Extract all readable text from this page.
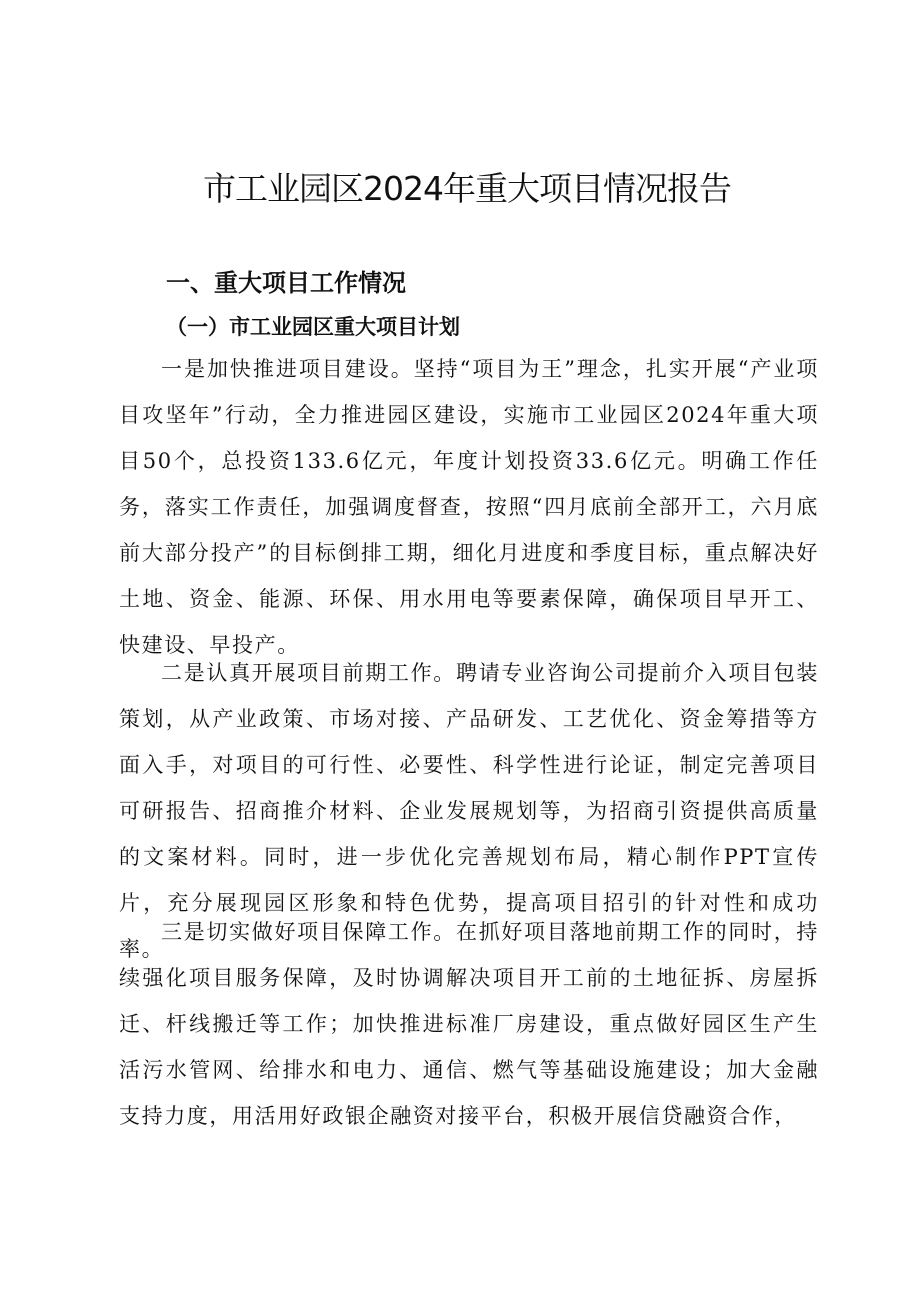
市工业园区2024年重大项目情况报告
一、重大项目工作情况
（一）市工业园区重大项目计划

一是加快推进项目建设。坚持“项目为王”理念，扎实开展“产业项目攻坚年”行动，全力推进园区建设，实施市工业园区2024年重大项目50个，总投资133.6亿元，年度计划投资33.6亿元。明确工作任务，落实工作责任，加强调度督查，按照“四月底前全部开工，六月底前大部分投产”的目标倒排工期，细化月进度和季度目标，重点解决好土地、资金、能源、环保、用水用电等要素保障，确保项目早开工、快建设、早投产。

二是认真开展项目前期工作。聘请专业咨询公司提前介入项目包装策划，从产业政策、市场对接、产品研发、工艺优化、资金筹措等方面入手，对项目的可行性、必要性、科学性进行论证，制定完善项目可研报告、招商推介材料、企业发展规划等，为招商引资提供高质量的文案材料。同时，进一步优化完善规划布局，精心制作PPT宣传片，充分展现园区形象和特色优势，提高项目招引的针对性和成功率。

三是切实做好项目保障工作。在抓好项目落地前期工作的同时，持续强化项目服务保障，及时协调解决项目开工前的土地征拆、房屋拆迁、杆线搬迁等工作；加快推进标准厂房建设，重点做好园区生产生活污水管网、给排水和电力、通信、燃气等基础设施建设；加大金融支持力度，用活用好政银企融资对接平台，积极开展信贷融资合作，
